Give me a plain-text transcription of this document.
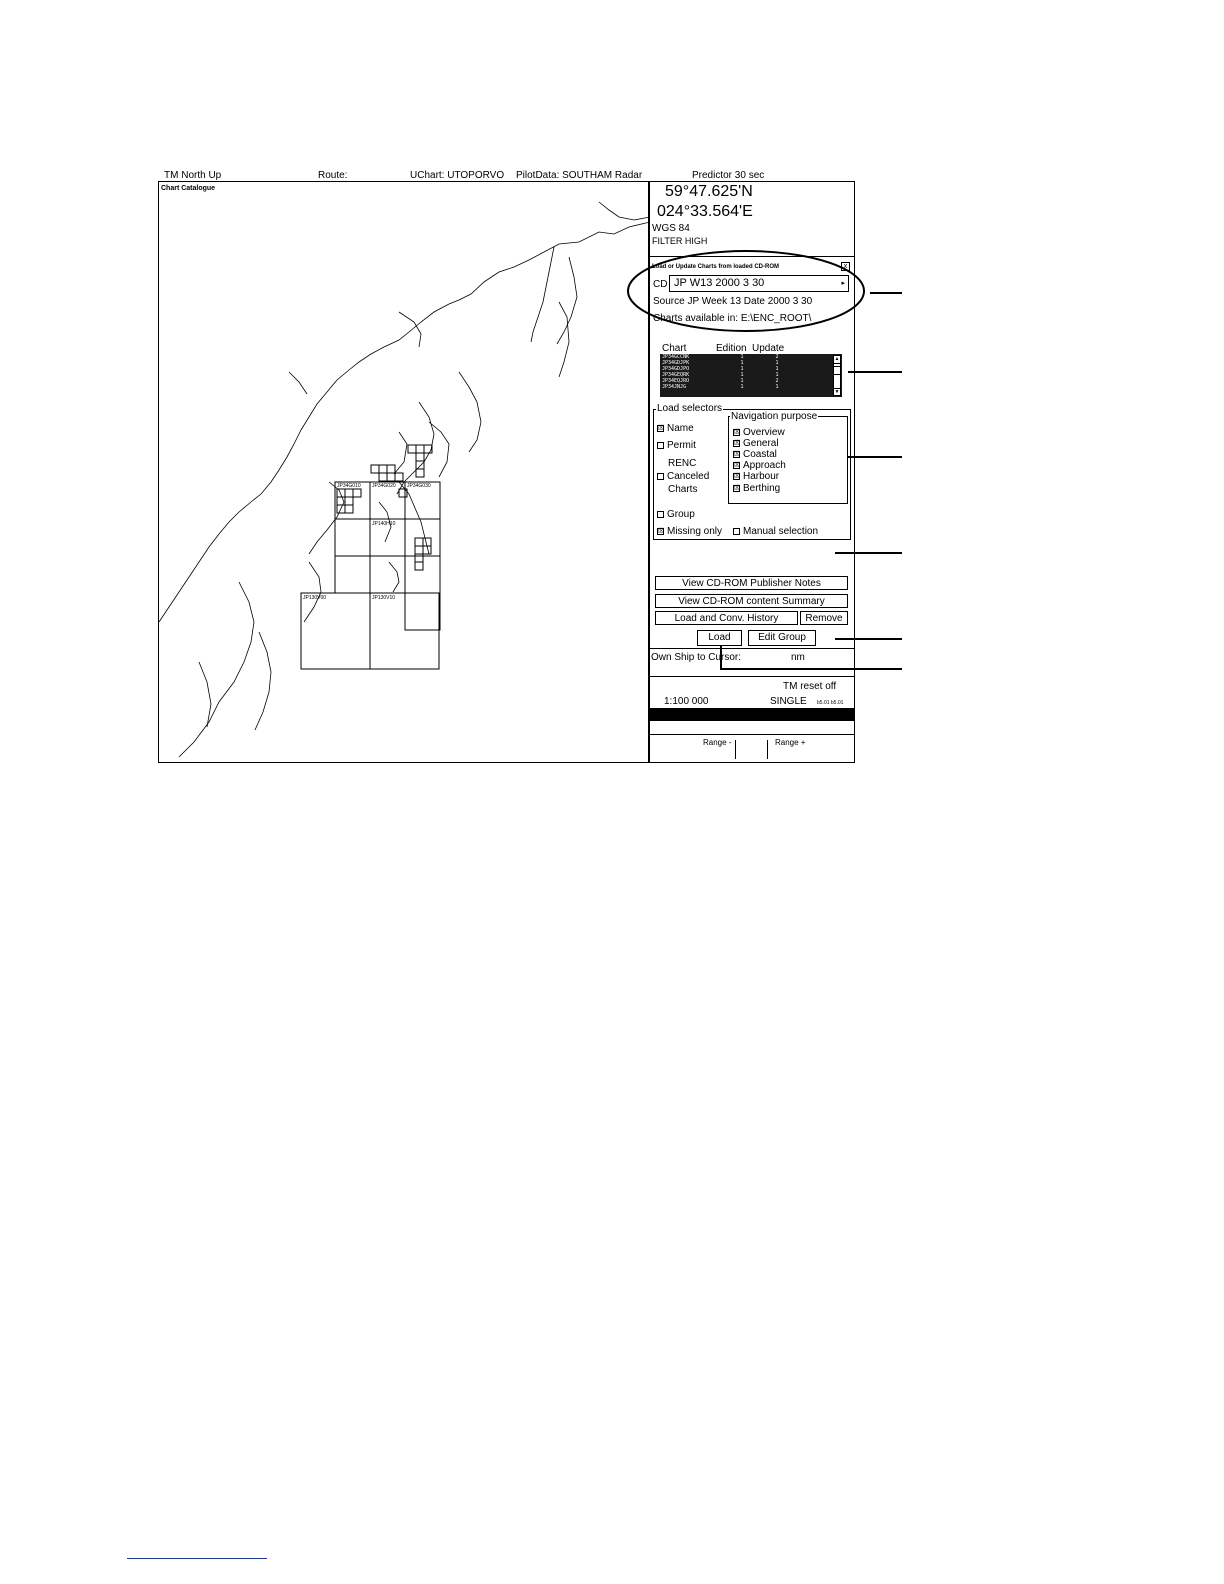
TM North Up	Route:	UChart: UTOPORVO PilotData: SOUTHAM Radar	Predictor 30 sec
Chart Catalogue
JP34G010 JP34G020 JP34G030
JP140H10
JP130V00	JP130V10
59°47.625'N
024°33.564'E
WGS 84
FILTER HIGH
Load or Update Charts from loaded CD-ROM	x
CD JP W13 2000 3 30	▸
Source JP Week 13 Date 2000 3 30
Charts available in: E:\ENC_ROOT\
Chart	Edition Update
JP34GCCNK	1	2
JP34GDJPK	1	1
JP34GDJPO	1	1
JP34GEQRK	1	1
JP34EQJRO	1	2
JP34JNJG	1	1
▲
▼
Load selectors
☒ Name
Permit
RENC
Canceled
Charts
Group
☒ Missing only	Manual selection
Navigation purpose
☒ Overview
☒ General
☒ Coastal
☒ Approach
☒ Harbour
☒ Berthing
View CD-ROM Publisher Notes
View CD-ROM content Summary
Load and Conv. History	Remove
Load	Edit Group
Own Ship to Cursor:	nm
TM reset off
1:100 000	SINGLE b5.01 b5.01
Range -	Range +
